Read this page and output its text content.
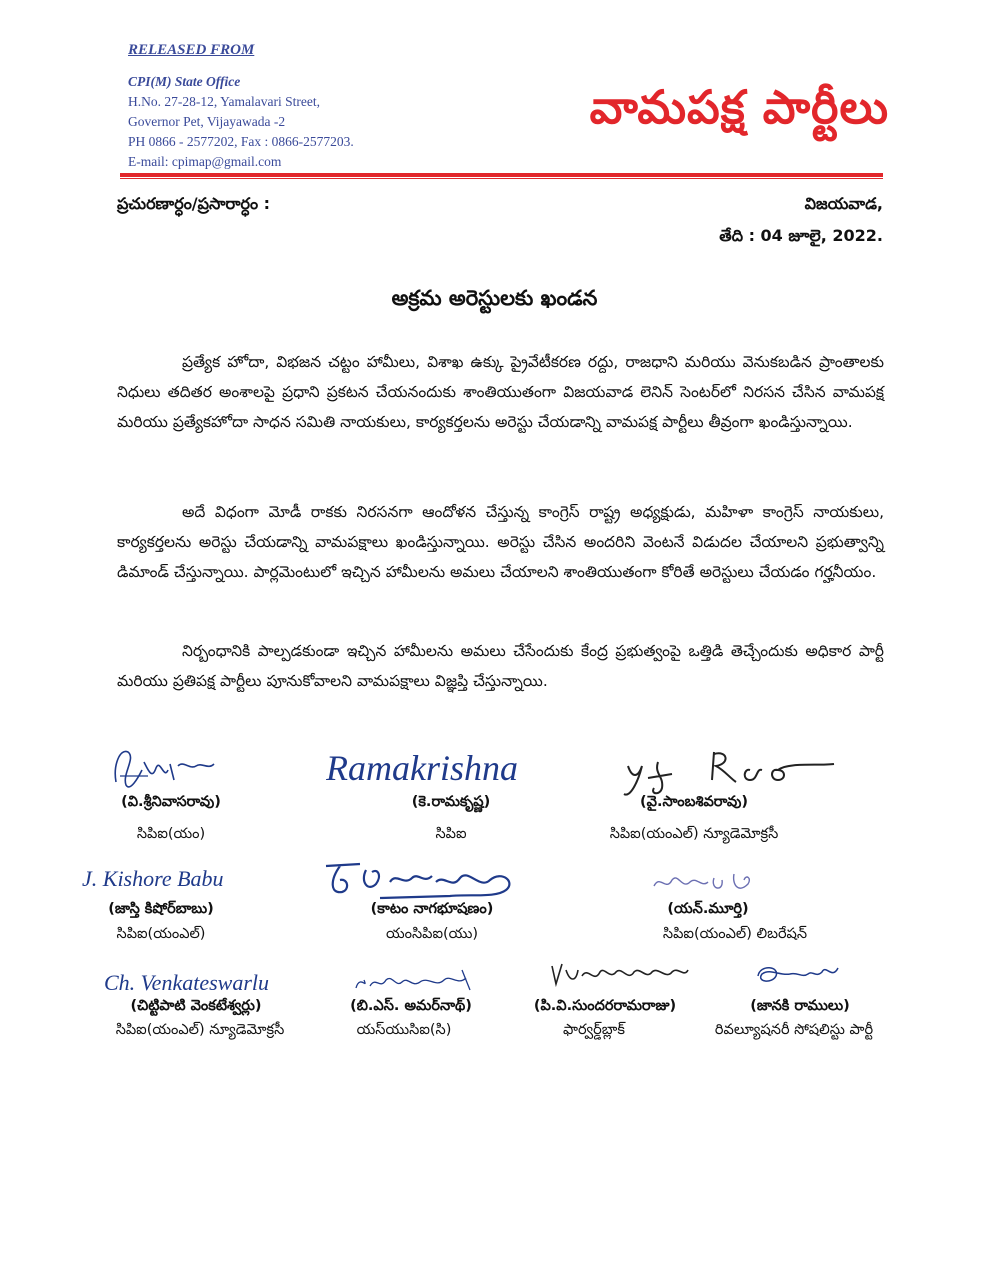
RELEASED FROM
CPI(M) State Office
H.No. 27-28-12, Yamalavari Street,
Governor Pet, Vijayawada -2
PH 0866 - 2577202, Fax : 0866-2577203.
E-mail: cpimap@gmail.com
వామపక్ష పార్టీలు
ప్రచురణార్ధం/ప్రసారార్ధం :	విజయవాడ,
తేది : 04 జూలై, 2022.
అక్రమ అరెస్టులకు ఖండన

ప్రత్యేక హోదా, విభజన చట్టం హామీలు, విశాఖ ఉక్కు ప్రైవేటీకరణ రద్దు, రాజధాని మరియు వెనుకబడిన ప్రాంతాలకు నిధులు తదితర అంశాలపై ప్రధాని ప్రకటన చేయనందుకు శాంతియుతంగా విజయవాడ లెనిన్ సెంటర్‌లో నిరసన చేసిన వామపక్ష మరియు ప్రత్యేకహోదా సాధన సమితి నాయకులు, కార్యకర్తలను అరెస్టు చేయడాన్ని వామపక్ష పార్టీలు తీవ్రంగా ఖండిస్తున్నాయి.

అదే విధంగా మోడీ రాకకు నిరసనగా ఆందోళన చేస్తున్న కాంగ్రెస్ రాష్ట్ర అధ్యక్షుడు, మహిళా కాంగ్రెస్ నాయకులు, కార్యకర్తలను అరెస్టు చేయడాన్ని వామపక్షాలు ఖండిస్తున్నాయి. అరెస్టు చేసిన అందరిని వెంటనే విడుదల చేయాలని ప్రభుత్వాన్ని డిమాండ్ చేస్తున్నాయి. పార్లమెంటులో ఇచ్చిన హామీలను అమలు చేయాలని శాంతియుతంగా కోరితే అరెస్టులు చేయడం గర్హనీయం.

నిర్బంధానికి పాల్పడకుండా ఇచ్చిన హామీలను అమలు చేసేందుకు కేంద్ర ప్రభుత్వంపై ఒత్తిడి తెచ్చేందుకు అధికార పార్టీ మరియు ప్రతిపక్ష పార్టీలు పూనుకోవాలని వామపక్షాలు విజ్ఞప్తి చేస్తున్నాయి.

Ramakrishna
J. Kishore Babu
Ch. Venkateswarlu
(వి.శ్రీనివాసరావు)
సిపిఐ(యం)
(కె.రామకృష్ణ)
సిపిఐ
(వై.సాంబశివరావు)
సిపిఐ(యంఎల్) న్యూడెమోక్రసీ
(జాస్తి కిషోర్‌బాబు)
సిపిఐ(యంఎల్)
(కాటం నాగభూషణం)
యంసిపిఐ(యు)
(యన్.మూర్తి)
సిపిఐ(యంఎల్) లిబరేషన్
(చిట్టిపాటి వెంకటేశ్వర్లు)
సిపిఐ(యంఎల్) న్యూడెమోక్రసీ
(బి.ఎస్. అమర్‌నాథ్)
యస్‌యుసిఐ(సి)
(పి.వి.సుందరరామరాజు)
ఫార్వర్డ్‌బ్లాక్
(జానకి రాములు)
రివల్యూషనరీ సోషలిస్టు పార్టీ
